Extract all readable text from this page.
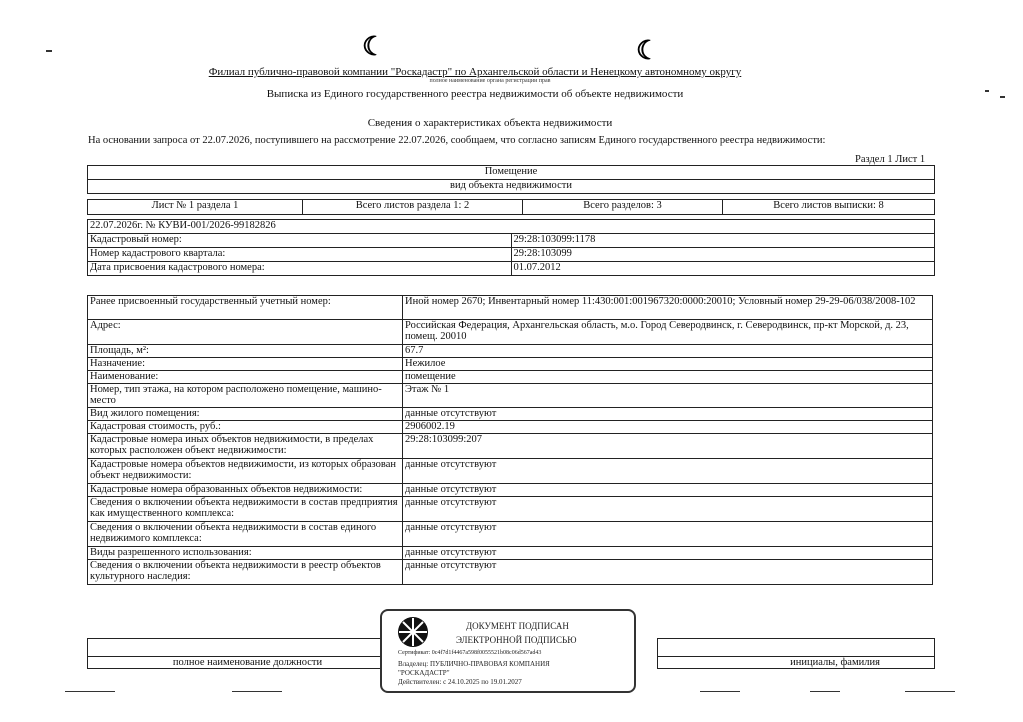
☾	☾
Филиал публично-правовой компании "Роскадастр" по Архангельской области и Ненецкому автономному округу
полное наименование органа регистрации прав
Выписка из Единого государственного реестра недвижимости об объекте недвижимости
Сведения о характеристиках объекта недвижимости
На основании запроса от 22.07.2026, поступившего на рассмотрение 22.07.2026, сообщаем, что согласно записям Единого государственного реестра недвижимости:
Раздел 1 Лист 1
Помещение
вид объекта недвижимости
Лист № 1 раздела 1	Всего листов раздела 1: 2	Всего разделов: 3	Всего листов выписки: 8
22.07.2026г. № КУВИ-001/2026-99182826	
Кадастровый номер:	29:28:103099:1178
Номер кадастрового квартала:	29:28:103099
Дата присвоения кадастрового номера:	01.07.2012
Ранее присвоенный государственный учетный номер:	Иной номер 2670; Инвентарный номер 11:430:001:001967320:0000:20010; Условный номер 29-29-06/038/2008-102
Адрес:	Российская Федерация, Архангельская область, м.о. Город Северодвинск, г. Северодвинск, пр-кт Морской, д. 23, помещ. 20010
Площадь, м²:	67.7
Назначение:	Нежилое
Наименование:	помещение
Номер, тип этажа, на котором расположено помещение, машино-место	Этаж № 1
Вид жилого помещения:	данные отсутствуют
Кадастровая стоимость, руб.:	2906002.19
Кадастровые номера иных объектов недвижимости, в пределах которых расположен объект недвижимости:	29:28:103099:207
Кадастровые номера объектов недвижимости, из которых образован объект недвижимости:	данные отсутствуют
Кадастровые номера образованных объектов недвижимости:	данные отсутствуют
Сведения о включении объекта недвижимости в состав предприятия как имущественного комплекса:	данные отсутствуют
Сведения о включении объекта недвижимости в состав единого недвижимого комплекса:	данные отсутствуют
Виды разрешенного использования:	данные отсутствуют
Сведения о включении объекта недвижимости в реестр объектов культурного наследия:	данные отсутствуют

полное наименование должности		инициалы, фамилия
ДОКУМЕНТ ПОДПИСАН
ЭЛЕКТРОННОЙ ПОДПИСЬЮ
Сертификат: 0c4f7d1f4467a598f0055521b08c06d567ad43
Владелец: ПУБЛИЧНО-ПРАВОВАЯ КОМПАНИЯ
"РОСКАДАСТР"
Действителен: с 24.10.2025 по 19.01.2027
